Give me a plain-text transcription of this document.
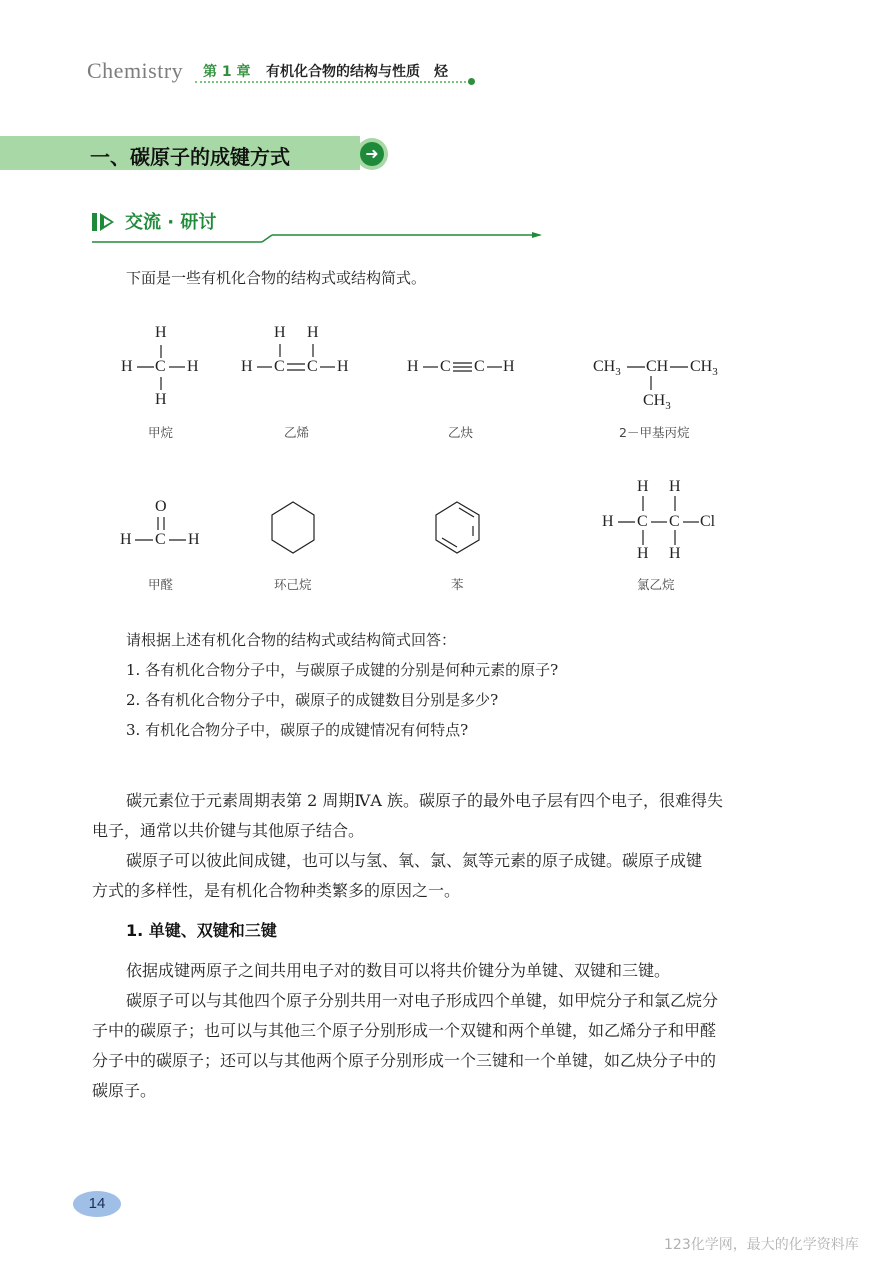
Chemistry 第 1 章 有机化合物的结构与性质　烃
一、碳原子的成键方式	➜
交流 · 研讨
下面是一些有机化合物的结构式或结构简式。
H
H C H
H
甲烷
H H
H C C H
乙烯
H C C H
乙炔
$CH_3$ CH $CH_3$
$CH_3$
2－甲基丙烷
O
H C H
甲醛	环己烷	苯
H H
H C C Cl
H H
氯乙烷
请根据上述有机化合物的结构式或结构简式回答：
1. 各有机化合物分子中，与碳原子成键的分别是何种元素的原子?
2. 各有机化合物分子中，碳原子的成键数目分别是多少?
3. 有机化合物分子中，碳原子的成键情况有何特点?
碳元素位于元素周期表第 2 周期ⅣA 族。碳原子的最外电子层有四个电子，很难得失
电子，通常以共价键与其他原子结合。
碳原子可以彼此间成键，也可以与氢、氧、氯、氮等元素的原子成键。碳原子成键
方式的多样性，是有机化合物种类繁多的原因之一。
1. 单键、双键和三键
依据成键两原子之间共用电子对的数目可以将共价键分为单键、双键和三键。
碳原子可以与其他四个原子分别共用一对电子形成四个单键，如甲烷分子和氯乙烷分
子中的碳原子；也可以与其他三个原子分别形成一个双键和两个单键，如乙烯分子和甲醛
分子中的碳原子；还可以与其他两个原子分别形成一个三键和一个单键，如乙炔分子中的
碳原子。
14
123化学网，最大的化学资料库
